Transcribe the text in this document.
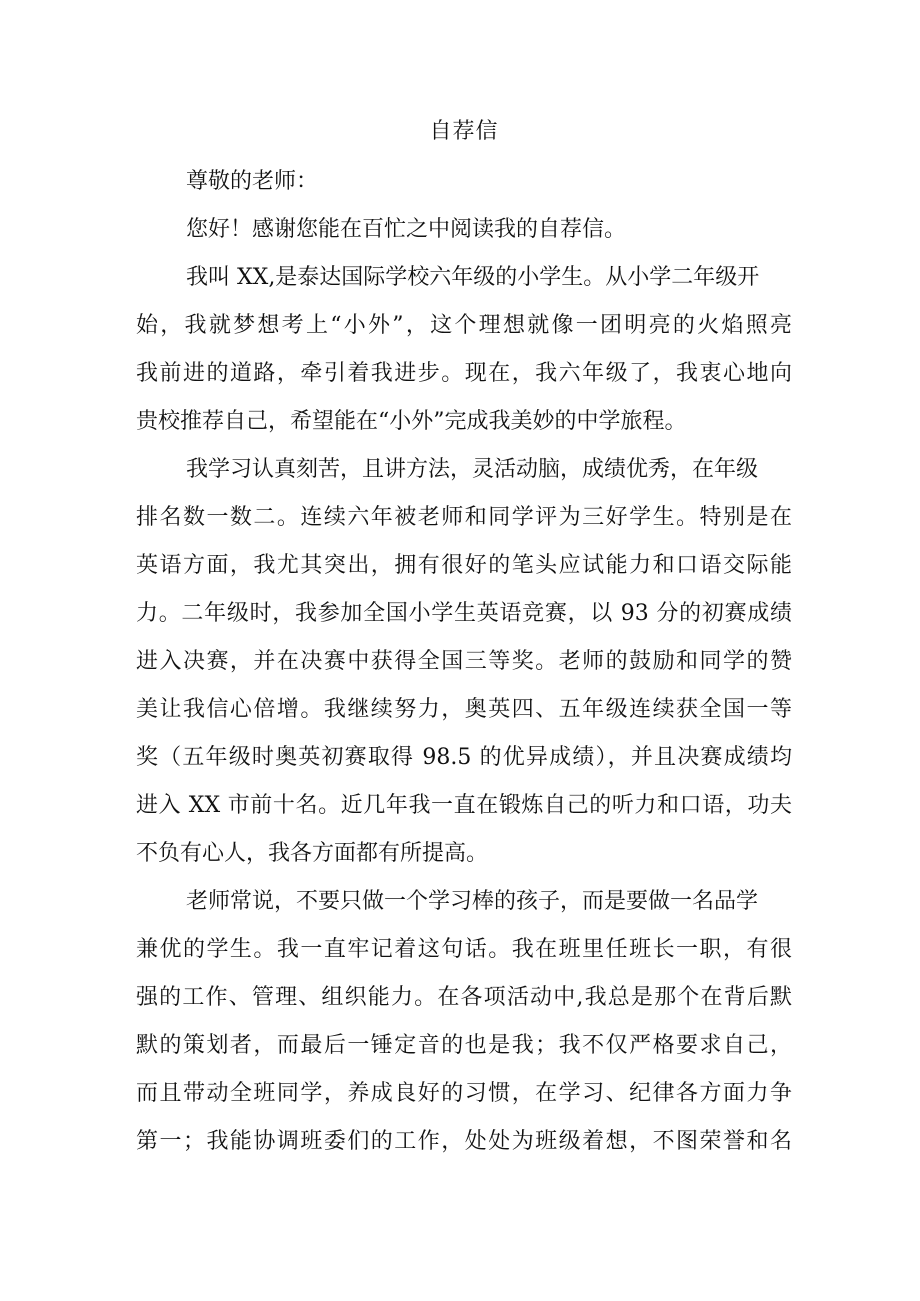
自荐信
尊敬的老师：
您好！感谢您能在百忙之中阅读我的自荐信。
我叫 XX,是泰达国际学校六年级的小学生。从小学二年级开
始，我就梦想考上“小外”，这个理想就像一团明亮的火焰照亮
我前进的道路，牵引着我进步。现在，我六年级了，我衷心地向
贵校推荐自己，希望能在“小外”完成我美妙的中学旅程。
我学习认真刻苦，且讲方法，灵活动脑，成绩优秀，在年级
排名数一数二。连续六年被老师和同学评为三好学生。特别是在
英语方面，我尤其突出，拥有很好的笔头应试能力和口语交际能
力。二年级时，我参加全国小学生英语竞赛，以 93 分的初赛成绩
进入决赛，并在决赛中获得全国三等奖。老师的鼓励和同学的赞
美让我信心倍增。我继续努力，奥英四、五年级连续获全国一等
奖（五年级时奥英初赛取得 98.5 的优异成绩），并且决赛成绩均
进入 XX 市前十名。近几年我一直在锻炼自己的听力和口语，功夫
不负有心人，我各方面都有所提高。
老师常说，不要只做一个学习棒的孩子，而是要做一名品学
兼优的学生。我一直牢记着这句话。我在班里任班长一职，有很
强的工作、管理、组织能力。在各项活动中,我总是那个在背后默
默的策划者，而最后一锤定音的也是我；我不仅严格要求自己，
而且带动全班同学，养成良好的习惯，在学习、纪律各方面力争
第一；我能协调班委们的工作，处处为班级着想，不图荣誉和名
